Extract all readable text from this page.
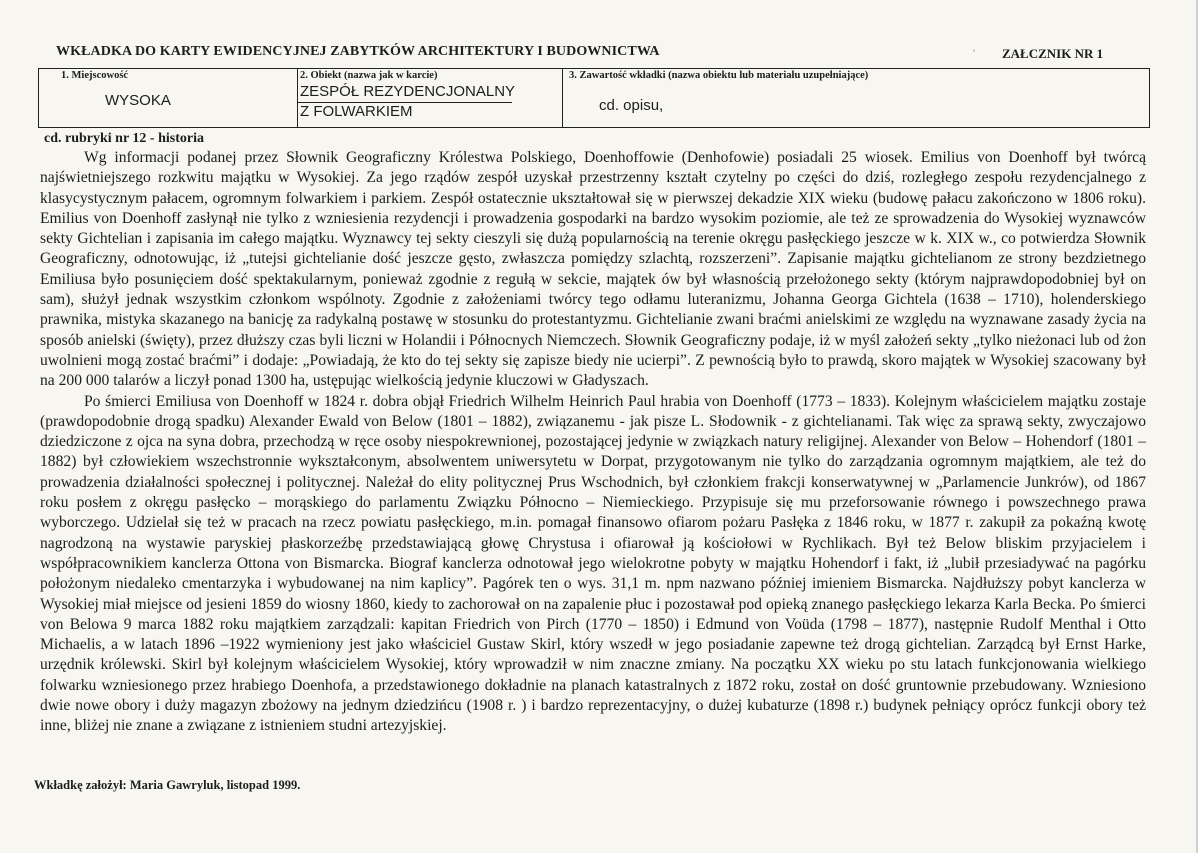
WKŁADKA DO KARTY EWIDENCYJNEJ ZABYTKÓW ARCHITEKTURY I BUDOWNICTWA	' ZAŁCZNIK NR 1
1. Miejscowość
WYSOKA

2. Obiekt (nazwa jak w karcie)
ZESPÓŁ REZYDENCJONALNY
Z FOLWARKIEM

3. Zawartość wkładki (nazwa obiektu lub materiału uzupełniające)
cd. opisu,
cd. rubryki nr 12 - historia

Wg informacji podanej przez Słownik Geograficzny Królestwa Polskiego, Doenhoffowie (Denhofowie) posiadali 25 wiosek. Emilius von Doenhoff był twórcą najświetniejszego rozkwitu majątku w Wysokiej. Za jego rządów zespół uzyskał przestrzenny kształt czytelny po części do dziś, rozległego zespołu rezydencjalnego z klasycystycznym pałacem, ogromnym folwarkiem i parkiem. Zespół ostatecznie ukształtował się w pierwszej dekadzie XIX wieku (budowę pałacu zakończono w 1806 roku). Emilius von Doenhoff zasłynął nie tylko z wzniesienia rezydencji i prowadzenia gospodarki na bardzo wysokim poziomie, ale też ze sprowadzenia do Wysokiej wyznawców sekty Gichtelian i zapisania im całego majątku. Wyznawcy tej sekty cieszyli się dużą popularnością na terenie okręgu pasłęckiego jeszcze w k. XIX w., co potwierdza Słownik Geograficzny, odnotowując, iż „tutejsi gichtelianie dość jeszcze gęsto, zwłaszcza pomiędzy szlachtą, rozszerzeni”. Zapisanie majątku gichtelianom ze strony bezdzietnego Emiliusa było posunięciem dość spektakularnym, ponieważ zgodnie z regułą w sekcie, majątek ów był własnością przełożonego sekty (którym najprawdopodobniej był on sam), służył jednak wszystkim członkom wspólnoty. Zgodnie z założeniami twórcy tego odłamu luteranizmu, Johanna Georga Gichtela (1638 – 1710), holenderskiego prawnika, mistyka skazanego na banicję za radykalną postawę w stosunku do protestantyzmu. Gichtelianie zwani braćmi anielskimi ze względu na wyznawane zasady życia na sposób anielski (święty), przez dłuższy czas byli liczni w Holandii i Północnych Niemczech. Słownik Geograficzny podaje, iż w myśl założeń sekty „tylko nieżonaci lub od żon uwolnieni mogą zostać braćmi” i dodaje: „Powiadają, że kto do tej sekty się zapisze biedy nie ucierpi”. Z pewnością było to prawdą, skoro majątek w Wysokiej szacowany był na 200 000 talarów a liczył ponad 1300 ha, ustępując wielkością jedynie kluczowi w Gładyszach.

Po śmierci Emiliusa von Doenhoff w 1824 r. dobra objął Friedrich Wilhelm Heinrich Paul hrabia von Doenhoff (1773 – 1833). Kolejnym właścicielem majątku zostaje (prawdopodobnie drogą spadku) Alexander Ewald von Below (1801 – 1882), związanemu - jak pisze L. Słodownik - z gichtelianami. Tak więc za sprawą sekty, zwyczajowo dziedziczone z ojca na syna dobra, przechodzą w ręce osoby niespokrewnionej, pozostającej jedynie w związkach natury religijnej. Alexander von Below – Hohendorf (1801 – 1882) był człowiekiem wszechstronnie wykształconym, absolwentem uniwersytetu w Dorpat, przygotowanym nie tylko do zarządzania ogromnym majątkiem, ale też do prowadzenia działalności społecznej i politycznej. Należał do elity politycznej Prus Wschodnich, był członkiem frakcji konserwatywnej w „Parlamencie Junkrów), od 1867 roku posłem z okręgu pasłęcko – morąskiego do parlamentu Związku Północno – Niemieckiego. Przypisuje się mu przeforsowanie równego i powszechnego prawa wyborczego. Udzielał się też w pracach na rzecz powiatu pasłęckiego, m.in. pomagał finansowo ofiarom pożaru Pasłęka z 1846 roku, w 1877 r. zakupił za pokaźną kwotę nagrodzoną na wystawie paryskiej płaskorzeźbę przedstawiającą głowę Chrystusa i ofiarował ją kościołowi w Rychlikach. Był też Below bliskim przyjacielem i współpracownikiem kanclerza Ottona von Bismarcka. Biograf kanclerza odnotował jego wielokrotne pobyty w majątku Hohendorf i fakt, iż „lubił przesiadywać na pagórku położonym niedaleko cmentarzyka i wybudowanej na nim kaplicy”. Pagórek ten o wys. 31,1 m. npm nazwano później imieniem Bismarcka. Najdłuższy pobyt kanclerza w Wysokiej miał miejsce od jesieni 1859 do wiosny 1860, kiedy to zachorował on na zapalenie płuc i pozostawał pod opieką znanego pasłęckiego lekarza Karla Becka. Po śmierci von Belowa 9 marca 1882 roku majątkiem zarządzali: kapitan Friedrich von Pirch (1770 – 1850) i Edmund von Voüda (1798 – 1877), następnie Rudolf Menthal i Otto Michaelis, a w latach 1896 –1922 wymieniony jest jako właściciel Gustaw Skirl, który wszedł w jego posiadanie zapewne też drogą gichtelian. Zarządcą był Ernst Harke, urzędnik królewski. Skirl był kolejnym właścicielem Wysokiej, który wprowadził w nim znaczne zmiany. Na początku XX wieku po stu latach funkcjonowania wielkiego folwarku wzniesionego przez hrabiego Doenhofa, a przedstawionego dokładnie na planach katastralnych z 1872 roku, został on dość gruntownie przebudowany. Wzniesiono dwie nowe obory i duży magazyn zbożowy na jednym dziedzińcu (1908 r. ) i bardzo reprezentacyjny, o dużej kubaturze (1898 r.) budynek pełniący oprócz funkcji obory też inne, bliżej nie znane a związane z istnieniem studni artezyjskiej.

Wkładkę założył: Maria Gawryluk, listopad 1999.
